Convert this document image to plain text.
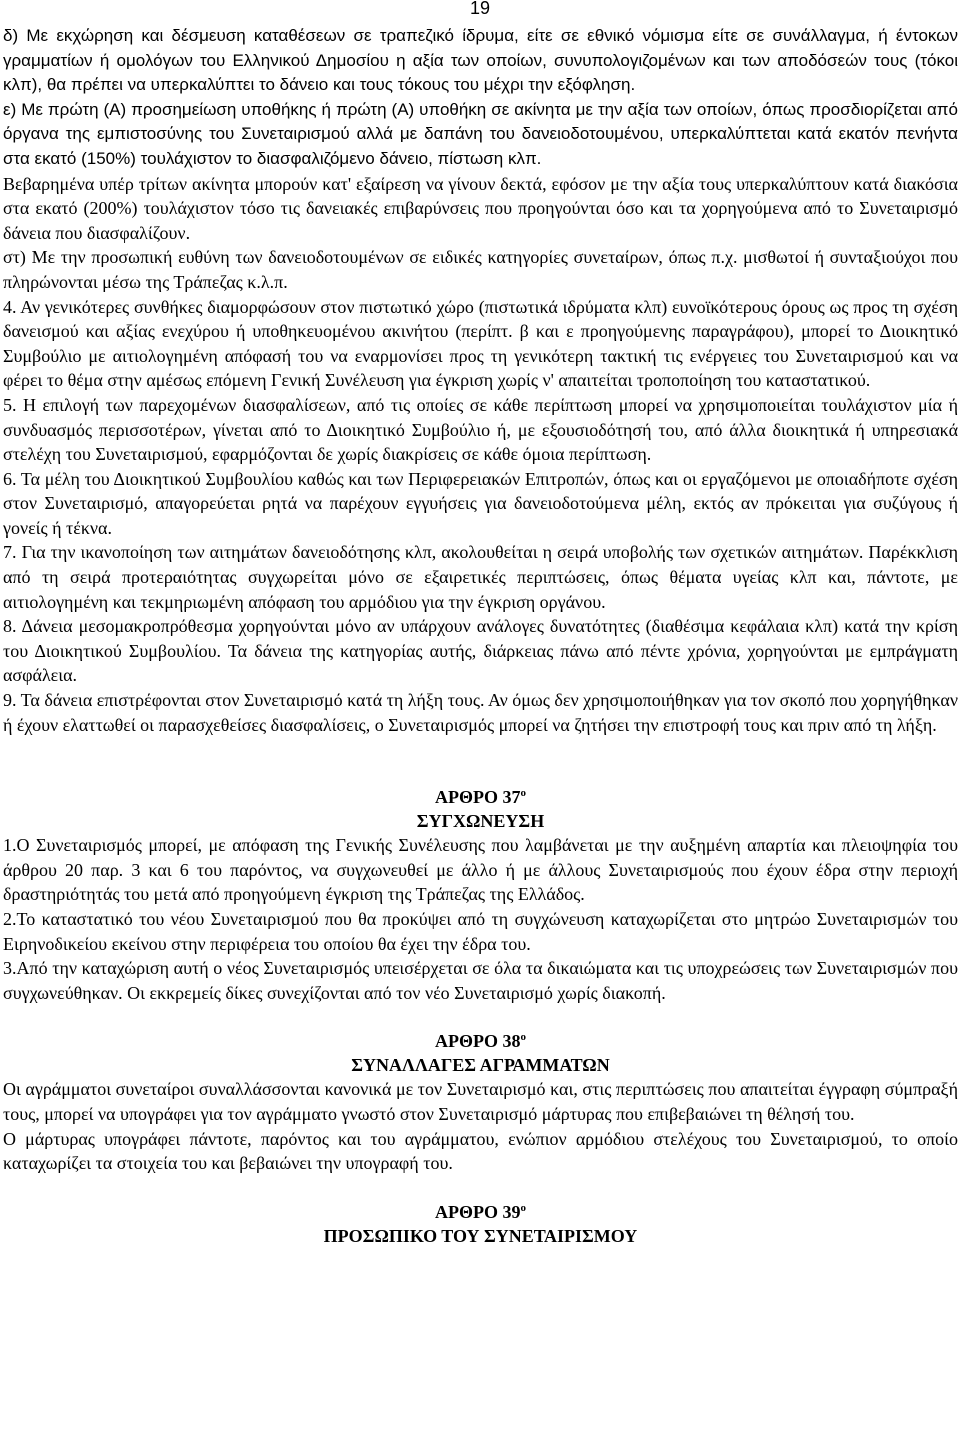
19

δ) Με εκχώρηση και δέσμευση καταθέσεων σε τραπεζικό ίδρυμα, είτε σε εθνικό νόμισμα είτε σε συνάλλαγμα, ή έντοκων γραμματίων ή ομολόγων του Ελληνικού Δημοσίου η αξία των οποίων, συνυπολογιζομένων και των αποδόσεών τους (τόκοι κλπ), θα πρέπει να υπερκαλύπτει το δάνειο και τους τόκους του μέχρι την εξόφληση.

ε) Με πρώτη (Α) προσημείωση υποθήκης ή πρώτη (Α) υποθήκη σε ακίνητα με την αξία των οποίων, όπως προσδιορίζεται από όργανα της εμπιστοσύνης του Συνεταιρισμού αλλά με δαπάνη του δανειοδοτουμένου, υπερκαλύπτεται κατά εκατόν πενήντα στα εκατό (150%) τουλάχιστον το διασφαλιζόμενο δάνειο, πίστωση κλπ.

Βεβαρημένα υπέρ τρίτων ακίνητα μπορούν κατ' εξαίρεση να γίνουν δεκτά, εφόσον με την αξία τους υπερκαλύπτουν κατά διακόσια στα εκατό (200%) τουλάχιστον τόσο τις δανειακές επιβαρύνσεις που προηγούνται όσο και τα χορηγούμενα από το Συνεταιρισμό δάνεια που διασφαλίζουν.

στ) Με την προσωπική ευθύνη των δανειοδοτουμένων σε ειδικές κατηγορίες συνεταίρων, όπως π.χ. μισθωτοί ή συνταξιούχοι που πληρώνονται μέσω της Τράπεζας κ.λ.π.

4. Αν γενικότερες συνθήκες διαμορφώσουν στον πιστωτικό χώρο (πιστωτικά ιδρύματα κλπ) ευνοϊκότερους όρους ως προς τη σχέση δανεισμού και αξίας ενεχύρου ή υποθηκευομένου ακινήτου (περίπτ. β και ε προηγούμενης παραγράφου), μπορεί το Διοικητικό Συμβούλιο με αιτιολογημένη απόφασή του να εναρμονίσει προς τη γενικότερη τακτική τις ενέργειες του Συνεταιρισμού και να φέρει το θέμα στην αμέσως επόμενη Γενική Συνέλευση για έγκριση χωρίς ν' απαιτείται τροποποίηση του καταστατικού.

5. Η επιλογή των παρεχομένων διασφαλίσεων, από τις οποίες σε κάθε περίπτωση μπορεί να χρησιμοποιείται τουλάχιστον μία ή συνδυασμός περισσοτέρων, γίνεται από το Διοικητικό Συμβούλιο ή, με εξουσιοδότησή του, από άλλα διοικητικά ή υπηρεσιακά στελέχη του Συνεταιρισμού, εφαρμόζονται δε χωρίς διακρίσεις σε κάθε όμοια περίπτωση.

6. Τα μέλη του Διοικητικού Συμβουλίου καθώς και των Περιφερειακών Επιτροπών, όπως και οι εργαζόμενοι με οποιαδήποτε σχέση στον Συνεταιρισμό, απαγορεύεται ρητά να παρέχουν εγγυήσεις για δανειοδοτούμενα μέλη, εκτός αν πρόκειται για συζύγους ή γονείς ή τέκνα.

7. Για την ικανοποίηση των αιτημάτων δανειοδότησης κλπ, ακολουθείται η σειρά υποβολής των σχετικών αιτημάτων. Παρέκκλιση από τη σειρά προτεραιότητας συγχωρείται μόνο σε εξαιρετικές περιπτώσεις, όπως θέματα υγείας κλπ και, πάντοτε, με αιτιολογημένη και τεκμηριωμένη απόφαση του αρμόδιου για την έγκριση οργάνου.

8. Δάνεια μεσομακροπρόθεσμα χορηγούνται μόνο αν υπάρχουν ανάλογες δυνατότητες (διαθέσιμα κεφάλαια κλπ) κατά την κρίση του Διοικητικού Συμβουλίου. Τα δάνεια της κατηγορίας αυτής, διάρκειας πάνω από πέντε χρόνια, χορηγούνται με εμπράγματη ασφάλεια.

9. Τα δάνεια επιστρέφονται στον Συνεταιρισμό κατά τη λήξη τους. Αν όμως δεν χρησιμοποιήθηκαν για τον σκοπό που χορηγήθηκαν ή έχουν ελαττωθεί οι παρασχεθείσες διασφαλίσεις, ο Συνεταιρισμός μπορεί να ζητήσει την επιστροφή τους και πριν από τη λήξη.

ΑΡΘΡΟ $37^o$
ΣΥΓΧΩΝΕΥΣΗ

1.Ο Συνεταιρισμός μπορεί, με απόφαση της Γενικής Συνέλευσης που λαμβάνεται με την αυξημένη απαρτία και πλειοψηφία του άρθρου 20 παρ. 3 και 6 του παρόντος, να συγχωνευθεί με άλλο ή με άλλους Συνεταιρισμούς που έχουν έδρα στην περιοχή δραστηριότητάς του μετά από προηγούμενη έγκριση της Τράπεζας της Ελλάδος.

2.Το καταστατικό του νέου Συνεταιρισμού που θα προκύψει από τη συγχώνευση καταχωρίζεται στο μητρώο Συνεταιρισμών του Ειρηνοδικείου εκείνου στην περιφέρεια του οποίου θα έχει την έδρα του.

3.Από την καταχώριση αυτή ο νέος Συνεταιρισμός υπεισέρχεται σε όλα τα δικαιώματα και τις υποχρεώσεις των Συνεταιρισμών που συγχωνεύθηκαν. Οι εκκρεμείς δίκες συνεχίζονται από τον νέο Συνεταιρισμό χωρίς διακοπή.

ΑΡΘΡΟ $38^o$
ΣΥΝΑΛΛΑΓΕΣ ΑΓΡΑΜΜΑΤΩΝ

Οι αγράμματοι συνεταίροι συναλλάσσονται κανονικά με τον Συνεταιρισμό και, στις περιπτώσεις που απαιτείται έγγραφη σύμπραξή τους, μπορεί να υπογράφει για τον αγράμματο γνωστό στον Συνεταιρισμό μάρτυρας που επιβεβαιώνει τη θέλησή του.

Ο μάρτυρας υπογράφει πάντοτε, παρόντος και του αγράμματου, ενώπιον αρμόδιου στελέχους του Συνεταιρισμού, το οποίο καταχωρίζει τα στοιχεία του και βεβαιώνει την υπογραφή του.

ΑΡΘΡΟ $39^o$
ΠΡΟΣΩΠΙΚΟ ΤΟΥ ΣΥΝΕΤΑΙΡΙΣΜΟΥ
